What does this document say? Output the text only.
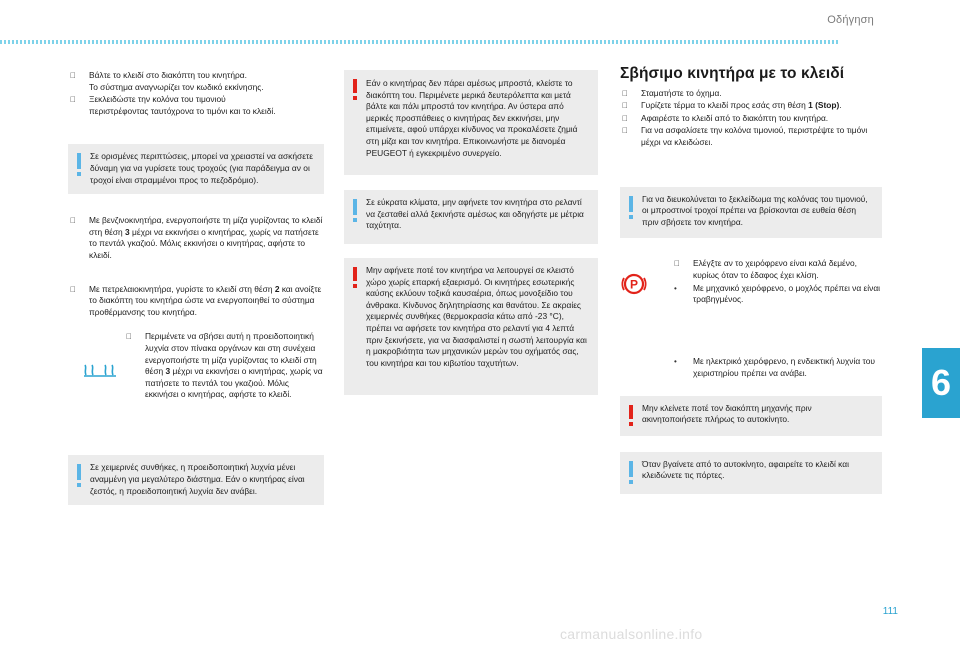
Οδήγηση
6
111
carmanualsonline.info
Βάλτε το κλειδί στο διακόπτη του κινητήρα.
Το σύστημα αναγνωρίζει τον κωδικό εκκίνησης.
Ξεκλειδώστε την κολόνα του τιμονιού
περιστρέφοντας ταυτόχρονα το τιμόνι και το κλειδί.
Σε ορισμένες περιπτώσεις, μπορεί να χρειαστεί να ασκήσετε δύναμη για να γυρίσετε τους τροχούς (για παράδειγμα αν οι τροχοί είναι στραμμένοι προς το πεζοδρόμιο).
Με βενζινοκινητήρα, ενεργοποιήστε τη μίζα γυρίζοντας το κλειδί στη θέση 3 μέχρι να εκκινήσει ο κινητήρας, χωρίς να πατήσετε το πεντάλ γκαζιού. Μόλις εκκινήσει ο κινητήρας, αφήστε το κλειδί.
Με πετρελαιοκινητήρα, γυρίστε το κλειδί στη θέση 2 και ανοίξτε το διακόπτη του κινητήρα ώστε να ενεργοποιηθεί το σύστημα προθέρμανσης του κινητήρα.
Περιμένετε να σβήσει αυτή η προειδοποιητική λυχνία στον πίνακα οργάνων και στη συνέχεια ενεργοποιήστε τη μίζα γυρίζοντας το κλειδί στη θέση 3 μέχρι να εκκινήσει ο κινητήρας, χωρίς να πατήσετε το πεντάλ του γκαζιού. Μόλις εκκινήσει ο κινητήρας, αφήστε το κλειδί.
Σε χειμερινές συνθήκες, η προειδοποιητική λυχνία μένει αναμμένη για μεγαλύτερο διάστημα. Εάν ο κινητήρας είναι ζεστός, η προειδοποιητική λυχνία δεν ανάβει.
Εάν ο κινητήρας δεν πάρει αμέσως μπροστά, κλείστε το διακόπτη του. Περιμένετε μερικά δευτερόλεπτα και μετά βάλτε και πάλι μπροστά τον κινητήρα. Αν ύστερα από μερικές προσπάθειες ο κινητήρας δεν εκκινήσει, μην επιμείνετε, αφού υπάρχει κίνδυνος να προκαλέσετε ζημιά στη μίζα και τον κινητήρα. Επικοινωνήστε με διανομέα PEUGEOT ή εγκεκριμένο συνεργείο.
Σε εύκρατα κλίματα, μην αφήνετε τον κινητήρα στο ρελαντί να ζεσταθεί αλλά ξεκινήστε αμέσως και οδηγήστε με μέτρια ταχύτητα.
Μην αφήνετε ποτέ τον κινητήρα να λειτουργεί σε κλειστό χώρο χωρίς επαρκή εξαερισμό. Οι κινητήρες εσωτερικής καύσης εκλύουν τοξικά καυσαέρια, όπως μονοξείδιο του άνθρακα. Κίνδυνος δηλητηρίασης και θανάτου. Σε ακραίες χειμερινές συνθήκες (θερμοκρασία κάτω από -23 °C), πρέπει να αφήσετε τον κινητήρα στο ρελαντί για 4 λεπτά πριν ξεκινήσετε, για να διασφαλιστεί η σωστή λειτουργία και η μακροβιότητα των μηχανικών μερών του οχήματός σας, του κινητήρα και του κιβωτίου ταχυτήτων.
Σβήσιμο κινητήρα με το κλειδί
Σταματήστε το όχημα.
Γυρίζετε τέρμα το κλειδί προς εσάς στη θέση 1 (Stop).
Αφαιρέστε το κλειδί από το διακόπτη του κινητήρα.
Για να ασφαλίσετε την κολόνα τιμονιού, περιστρέψτε το τιμόνι μέχρι να κλειδώσει.
Για να διευκολύνεται το ξεκλείδωμα της κολόνας του τιμονιού, οι μπροστινοί τροχοί πρέπει να βρίσκονται σε ευθεία θέση πριν σβήσετε τον κινητήρα.
P
Ελέγξτε αν το χειρόφρενο είναι καλά δεμένο, κυρίως όταν το έδαφος έχει κλίση.
•	Με μηχανικό χειρόφρενο, ο μοχλός πρέπει να είναι τραβηγμένος.
•	Με ηλεκτρικό χειρόφρενο, η ενδεικτική λυχνία του χειριστηρίου πρέπει να ανάβει.
Μην κλείνετε ποτέ τον διακόπτη μηχανής πριν ακινητοποιήσετε πλήρως το αυτοκίνητο.
Όταν βγαίνετε από το αυτοκίνητο, αφαιρείτε το κλειδί και κλειδώνετε τις πόρτες.
